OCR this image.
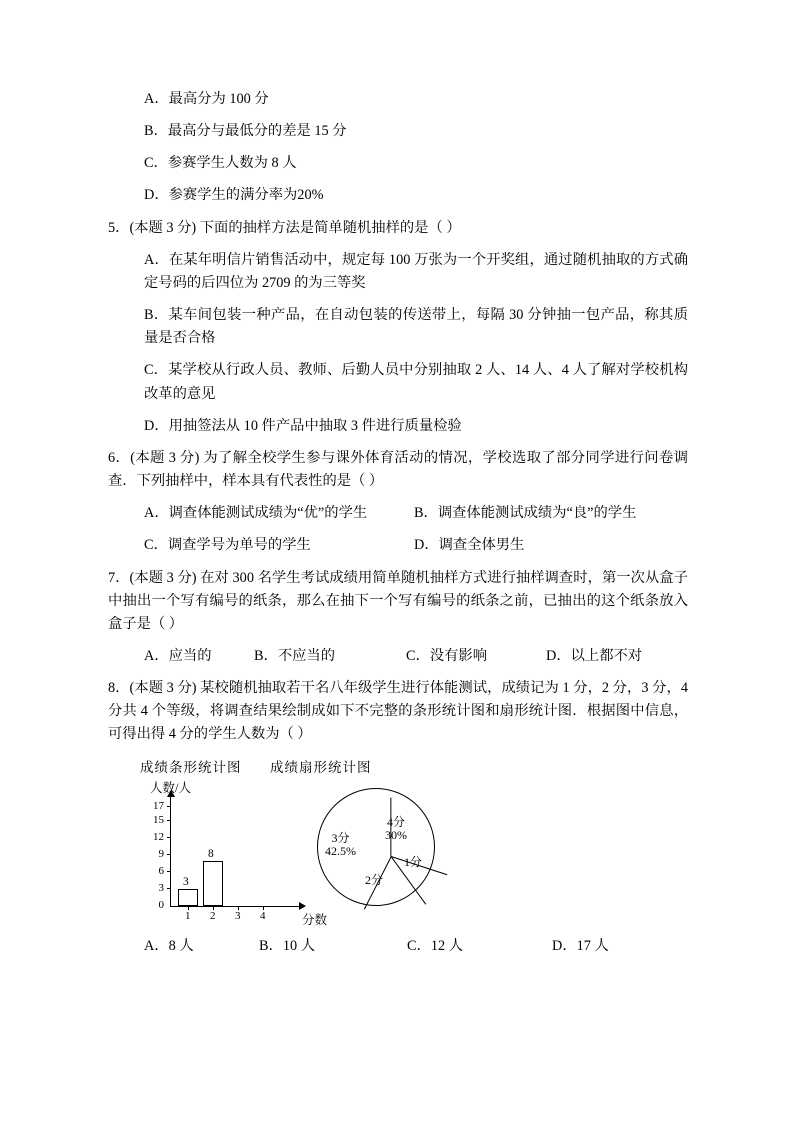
A．最高分为 100 分
B．最高分与最低分的差是 15 分
C．参赛学生人数为 8 人
D．参赛学生的满分率为20%
5．(本题 3 分) 下面的抽样方法是简单随机抽样的是（ ）
A．在某年明信片销售活动中，规定每 100 万张为一个开奖组，通过随机抽取的方式确定号码的后四位为 2709 的为三等奖
B．某车间包装一种产品，在自动包装的传送带上，每隔 30 分钟抽一包产品，称其质量是否合格
C．某学校从行政人员、教师、后勤人员中分别抽取 2 人、14 人、4 人了解对学校机构改革的意见
D．用抽签法从 10 件产品中抽取 3 件进行质量检验
6．(本题 3 分) 为了解全校学生参与课外体育活动的情况，学校选取了部分同学进行问卷调查．下列抽样中，样本具有代表性的是（ ）
A．调查体能测试成绩为“优”的学生	B．调查体能测试成绩为“良”的学生
C．调查学号为单号的学生	D．调查全体男生
7．(本题 3 分) 在对 300 名学生考试成绩用简单随机抽样方式进行抽样调查时，第一次从盒子中抽出一个写有编号的纸条，那么在抽下一个写有编号的纸条之前，已抽出的这个纸条放入盒子是（ ）
A．应当的	B．不应当的	C．没有影响	D．以上都不对
8．(本题 3 分) 某校随机抽取若干名八年级学生进行体能测试，成绩记为 1 分，2 分，3 分，4 分共 4 个等级，将调查结果绘制成如下不完整的条形统计图和扇形统计图．根据图中信息，可得出得 4 分的学生人数为（ ）
成绩条形统计图 成绩扇形统计图
人数/人
17
15
12
9
6
3
0
1 2 3 4	分数
3
8
4分
30%
3分
42.5%
2分
1分
A．8 人	B．10 人	C．12 人	D．17 人
